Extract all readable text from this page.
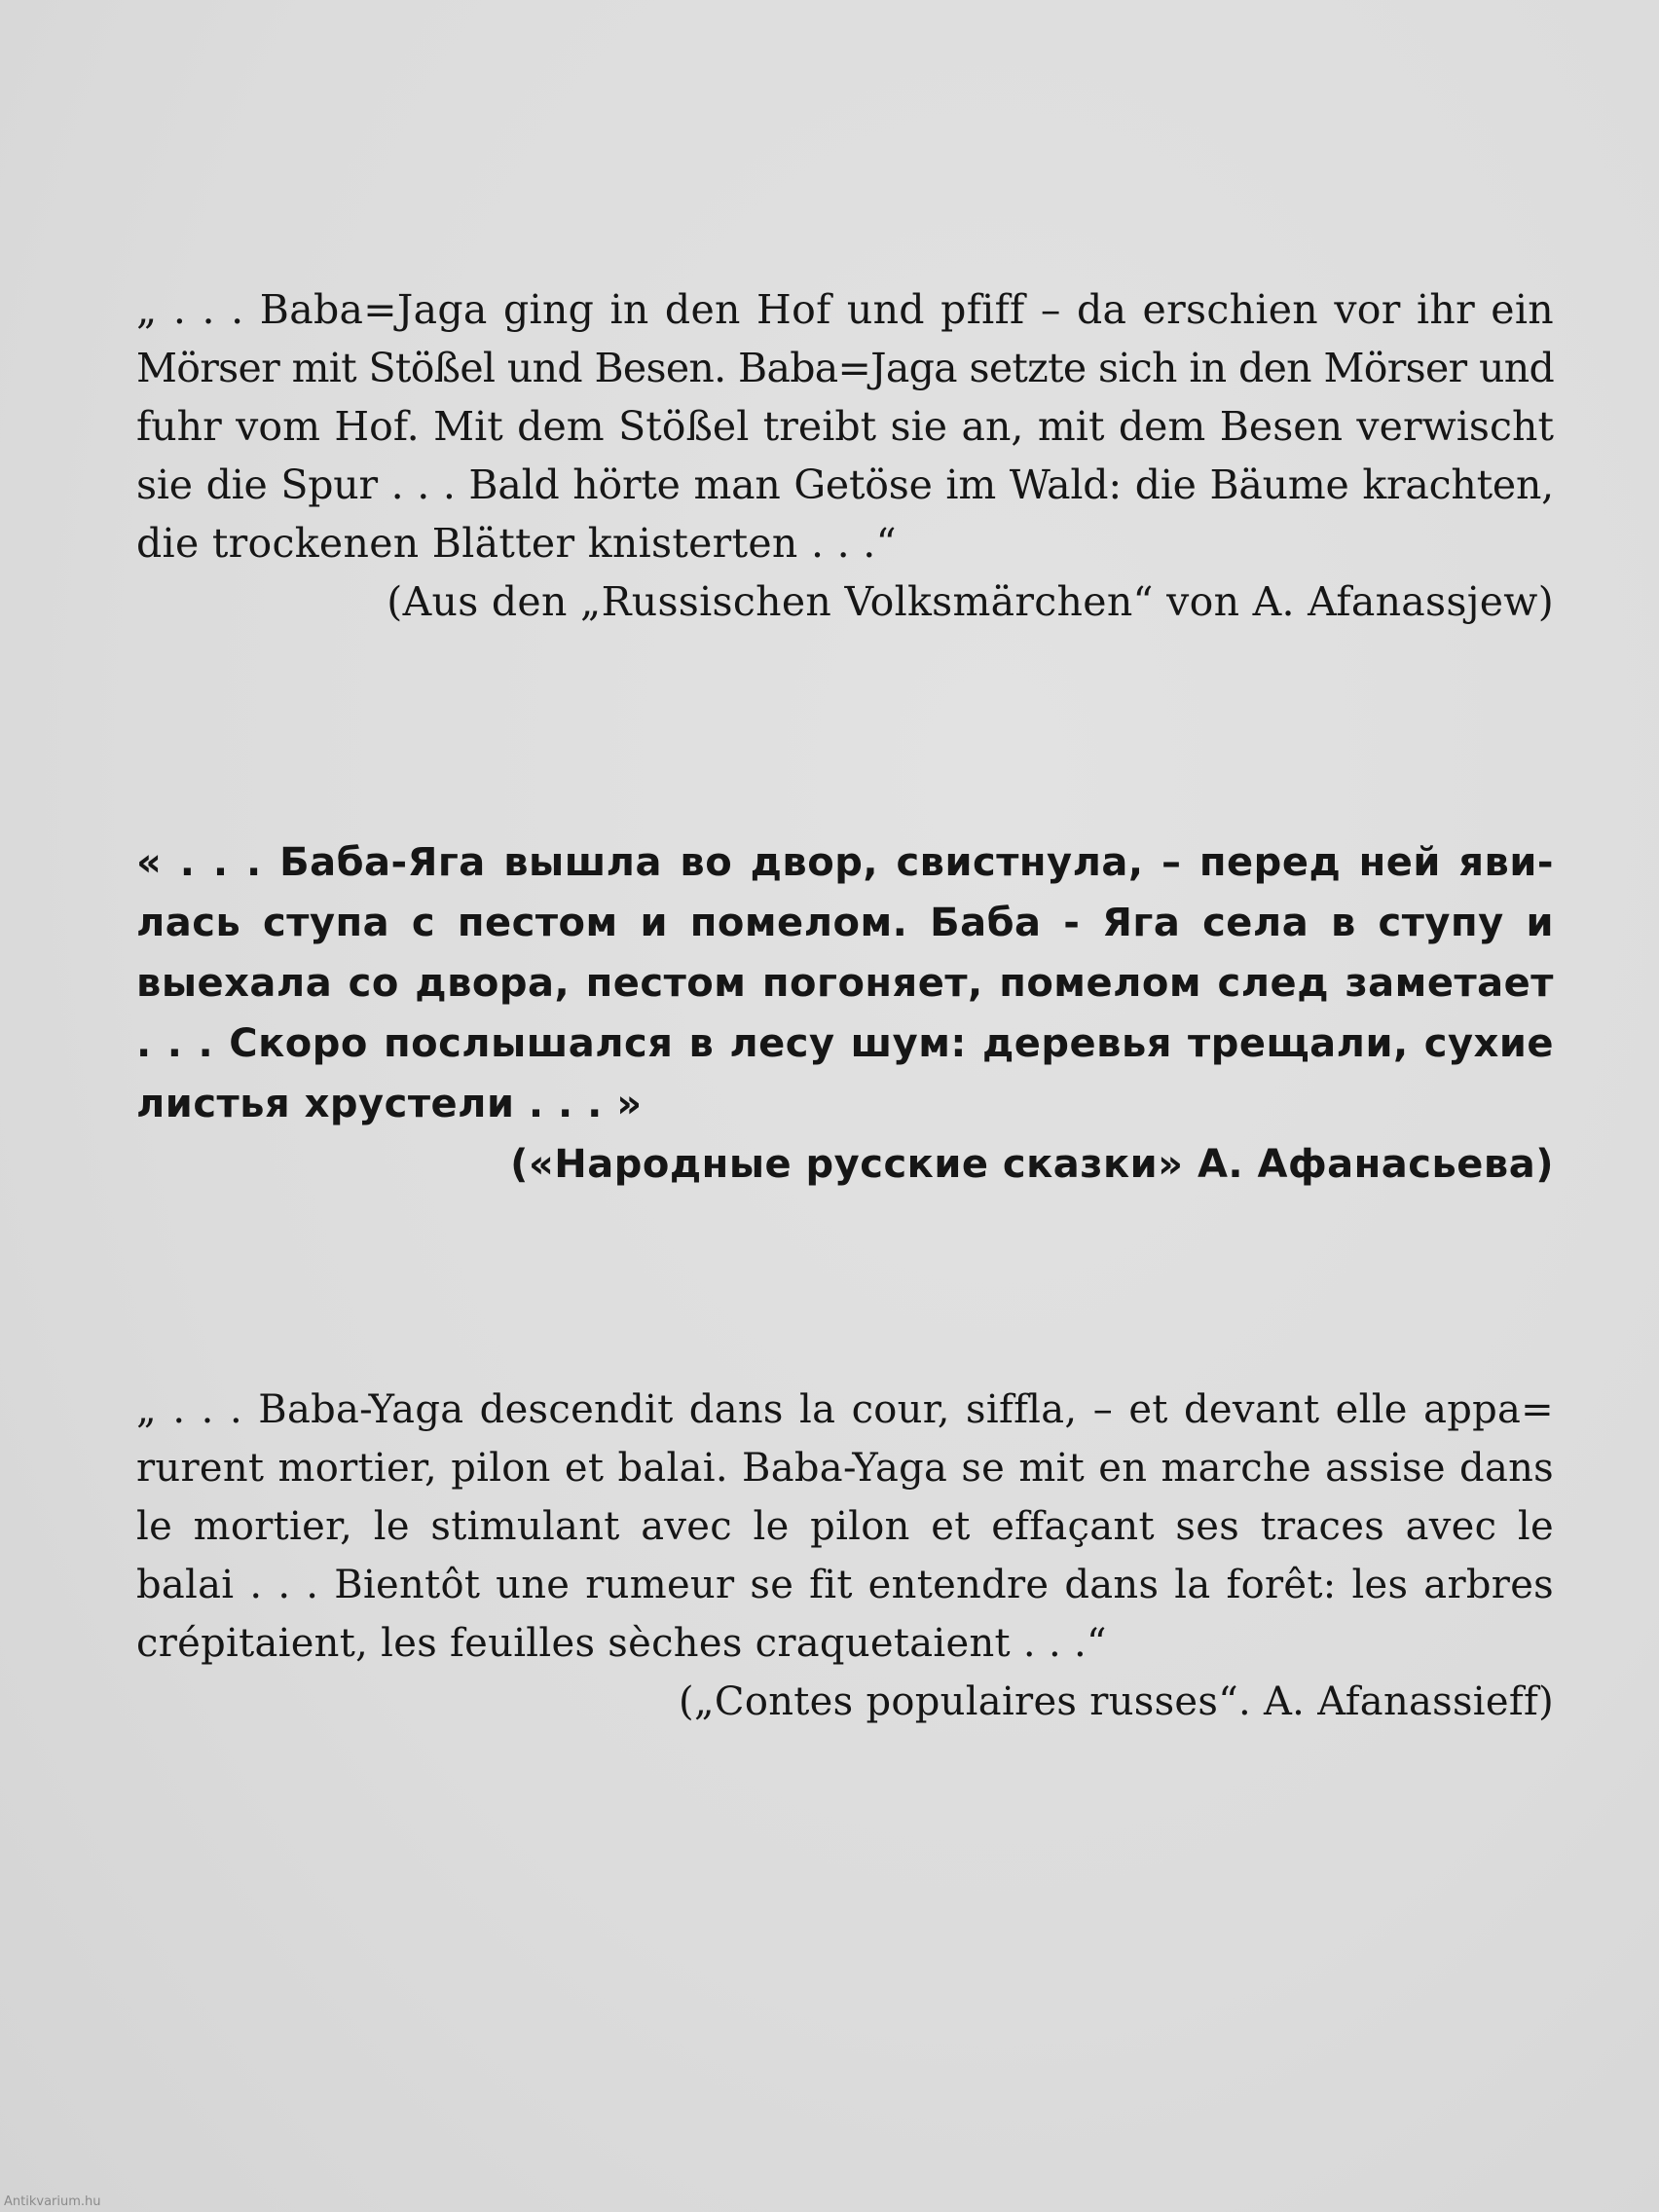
„ . . . Baba=Jaga ging in den Hof und pfiff – da erschien vor ihr ein
Mörser mit Stößel und Besen. Baba=Jaga setzte sich in den Mörser und
fuhr vom Hof. Mit dem Stößel treibt sie an, mit dem Besen verwischt
sie die Spur . . . Bald hörte man Getöse im Wald: die Bäume krachten,
die trockenen Blätter knisterten . . .“
(Aus den „Russischen Volksmärchen“ von A. Afanassjew)
« . . . Баба-Яга вышла во двор, свистнула, – перед ней яви-
лась ступа с пестом и помелом. Баба - Яга села в ступу и
выехала со двора, пестом погоняет, помелом след заметает
. . . Скоро послышался в лесу шум: деревья трещали, сухие
листья хрустели . . . »
(«Народные русские сказки» А. Афанасьева)
„ . . . Baba-Yaga descendit dans la cour, siffla, – et devant elle appa=
rurent mortier, pilon et balai. Baba-Yaga se mit en marche assise dans
le mortier, le stimulant avec le pilon et effaçant ses traces avec le
balai . . . Bientôt une rumeur se fit entendre dans la forêt: les arbres
crépitaient, les feuilles sèches craquetaient . . .“
(„Contes populaires russes“. A. Afanassieff)
Antikvarium.hu
